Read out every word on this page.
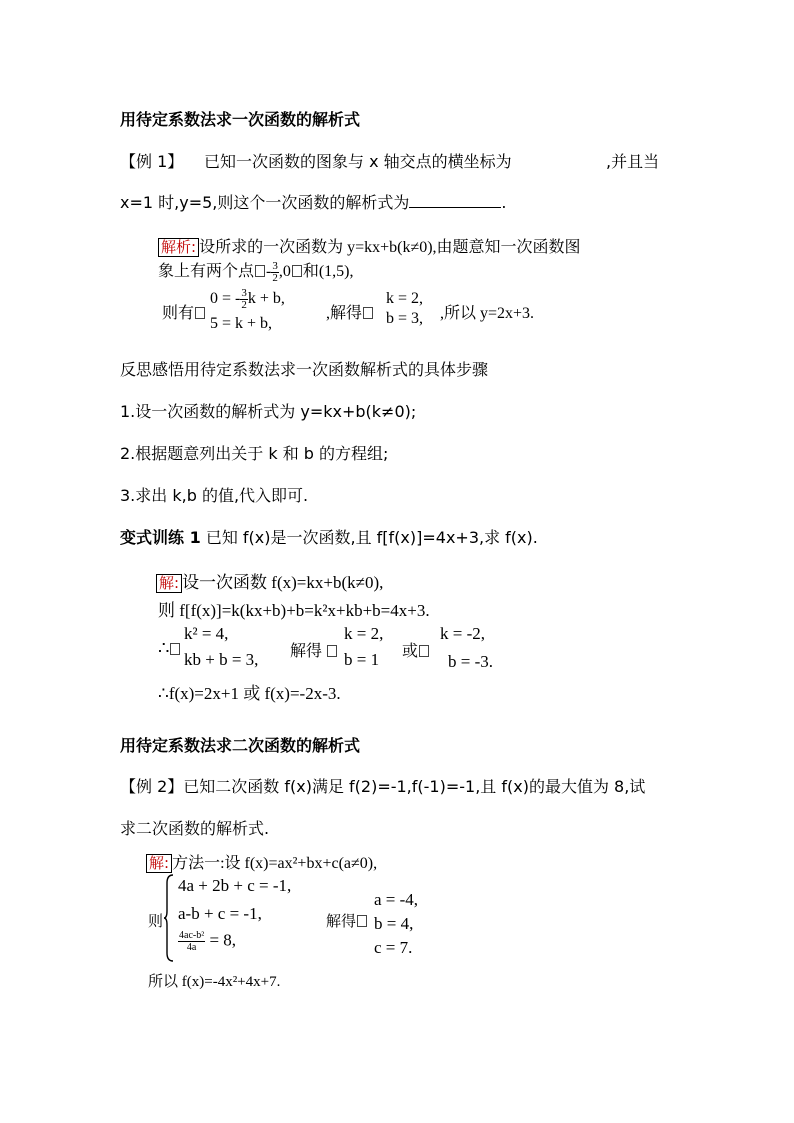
用待定系数法求一次函数的解析式
【例 1】 已知一次函数的图象与 x 轴交点的横坐标为	,并且当
x=1 时,y=5,则这个一次函数的解析式为	.
解析: 设所求的一次函数为 y=kx+b(k≠0),由题意知一次函数图
象上有两个点 - $\frac{3}{2} ,0$ 和(1,5),
则有
0 = - $\frac{3}{2}$ k + b,
5 = k + b,
,解得
k = 2,
b = 3, ,所以 y=2x+3.
反思感悟用待定系数法求一次函数解析式的具体步骤
1.设一次函数的解析式为 y=kx+b(k≠0);
2.根据题意列出关于 k 和 b 的方程组;
3.求出 k,b 的值,代入即可.
变式训练 1 已知 f(x)是一次函数,且 f[f(x)]=4x+3,求 f(x).
解: 设一次函数 f(x)=kx+b(k≠0),
则 f[f(x)]=k(kx+b)+b=k²x+kb+b=4x+3.
∴
k² = 4,
kb + b = 3, 解得
k = 2,
b = 1 或
k = -2,
b = -3.
∴f(x)=2x+1 或 f(x)=-2x-3.
用待定系数法求二次函数的解析式
【例 2】已知二次函数 f(x)满足 f(2)=-1,f(-1)=-1,且 f(x)的最大值为 8,试
求二次函数的解析式.
解: 方法一:设 f(x)=ax²+bx+c(a≠0),
则
4a + 2b + c = -1,
a-b + c = -1,
$\frac{\text{4ac-b²}}{4a} = 8$,
解得
a = -4,
b = 4,
c = 7.
所以 f(x)=-4x²+4x+7.
